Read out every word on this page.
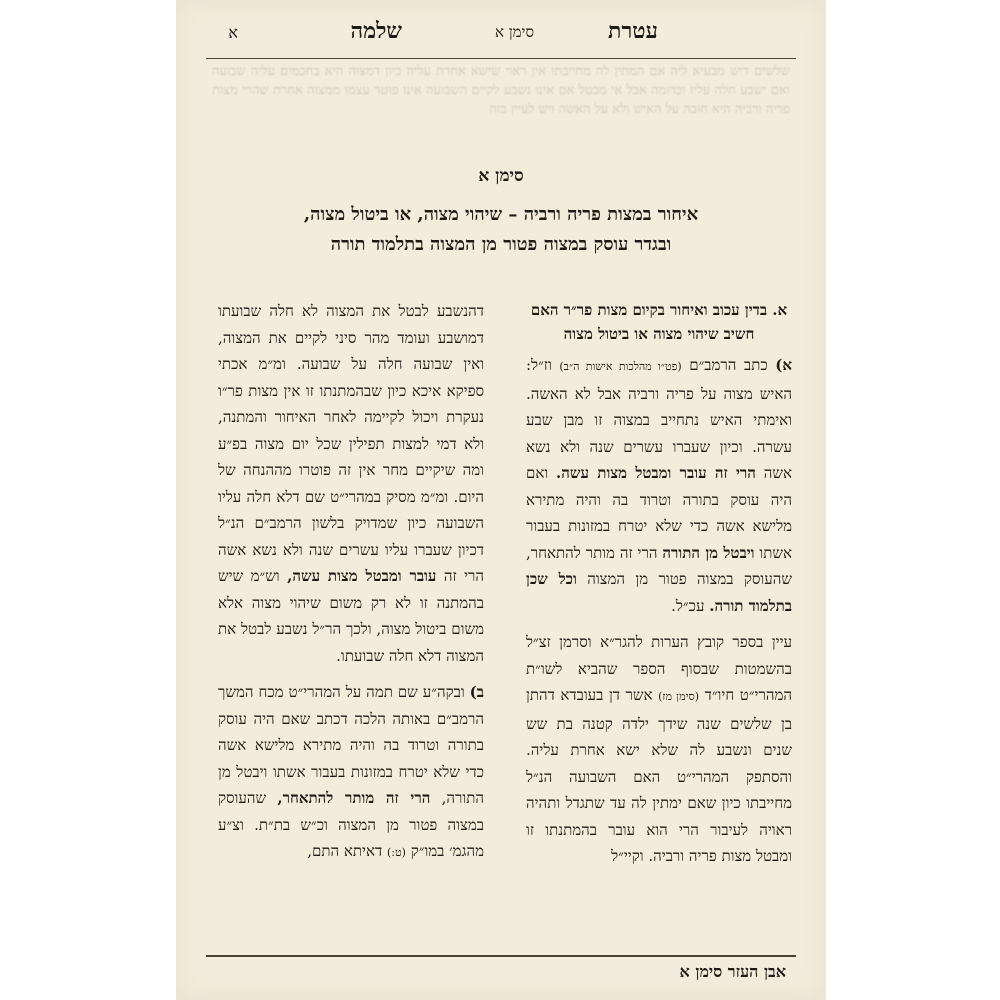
עטרת
סימן א
שלמה
א

שלשים דיש מבעיא ליה אם המתין לה מחייבתו אין ראוי שישא אחרת עליה כיון דמצוה היא בחכמים עליה שבועה ואם ישבע חלה עליו וכדומה אבל אי מבטל אם אינו נשבע לקיים השבועה אינו פוטר עצמו ממצוה אחרת שהרי מצות פריה ורביה היא חובה על האיש ולא על האשה ויש לעיין בזה

סימן א
איחור במצות פריה ורביה – שיהוי מצוה, או ביטול מצוה,
ובגדר עוסק במצוה פטור מן המצוה בתלמוד תורה

א. בדין עכוב ואיחור בקיום מצות פר״ר האם חשיב שיהוי מצוה או ביטול מצוה

א) כתב הרמב״ם (פט״ו מהלכות אישות ה״ב) וז״ל: האיש מצוה על פריה ורביה אבל לא האשה. ואימתי האיש נתחייב במצוה זו מבן שבע עשרה. וכיון שעברו עשרים שנה ולא נשא אשה הרי זה עובר ומבטל מצות עשה. ואם היה עוסק בתורה וטרוד בה והיה מתירא מלישא אשה כדי שלא יטרח במזונות בעבור אשתו ויבטל מן התורה הרי זה מותר להתאחר, שהעוסק במצוה פטור מן המצוה וכל שכן בתלמוד תורה. עכ״ל.

עיין בספר קובץ הערות להגר״א וסרמן זצ״ל בהשמטות שבסוף הספר שהביא לשו״ת המהרי״ט חיו״ד (סימן מז) אשר דן בעובדא דהתן בן שלשים שנה שידך ילדה קטנה בת שש שנים ונשבע לה שלא ישא אחרת עליה. והסתפק המהרי״ט האם השבועה הנ״ל מחייבתו כיון שאם ימתין לה עד שתגדל ותהיה ראויה לעיבור הרי הוא עובר בהמתנתו זו ומבטל מצות פריה ורביה. וקיי״ל

דהנשבע לבטל את המצוה לא חלה שבועתו דמושבע ועומד מהר סיני לקיים את המצוה, ואין שבועה חלה על שבועה. ומ״מ אכתי ספיקא איכא כיון שבהמתנתו זו אין מצות פר״ו נעקרת ויכול לקיימה לאחר האיחור והמתנה, ולא דמי למצות תפילין שכל יום מצוה בפ״ע ומה שיקיים מחר אין זה פוטרו מההנחה של היום. ומ״מ מסיק במהרי״ט שם דלא חלה עליו השבועה כיון שמדויק בלשון הרמב״ם הנ״ל דכיון שעברו עליו עשרים שנה ולא נשא אשה הרי זה עובר ומבטל מצות עשה, וש״מ שיש בהמתנה זו לא רק משום שיהוי מצוה אלא משום ביטול מצוה, ולכך הר״ל נשבע לבטל את המצוה דלא חלה שבועתו.

ב) ובקה״ע שם תמה על המהרי״ט מכח המשך הרמב״ם באותה הלכה דכתב שאם היה עוסק בתורה וטרוד בה והיה מתירא מלישא אשה כדי שלא יטרח במזונות בעבור אשתו ויבטל מן התורה, הרי זה מותר להתאחר, שהעוסק במצוה פטור מן המצוה וכ״ש בת״ת. וצ״ע מהגמ׳ במו״ק (ט:) דאיתא התם,

אבן העזר סימן א
